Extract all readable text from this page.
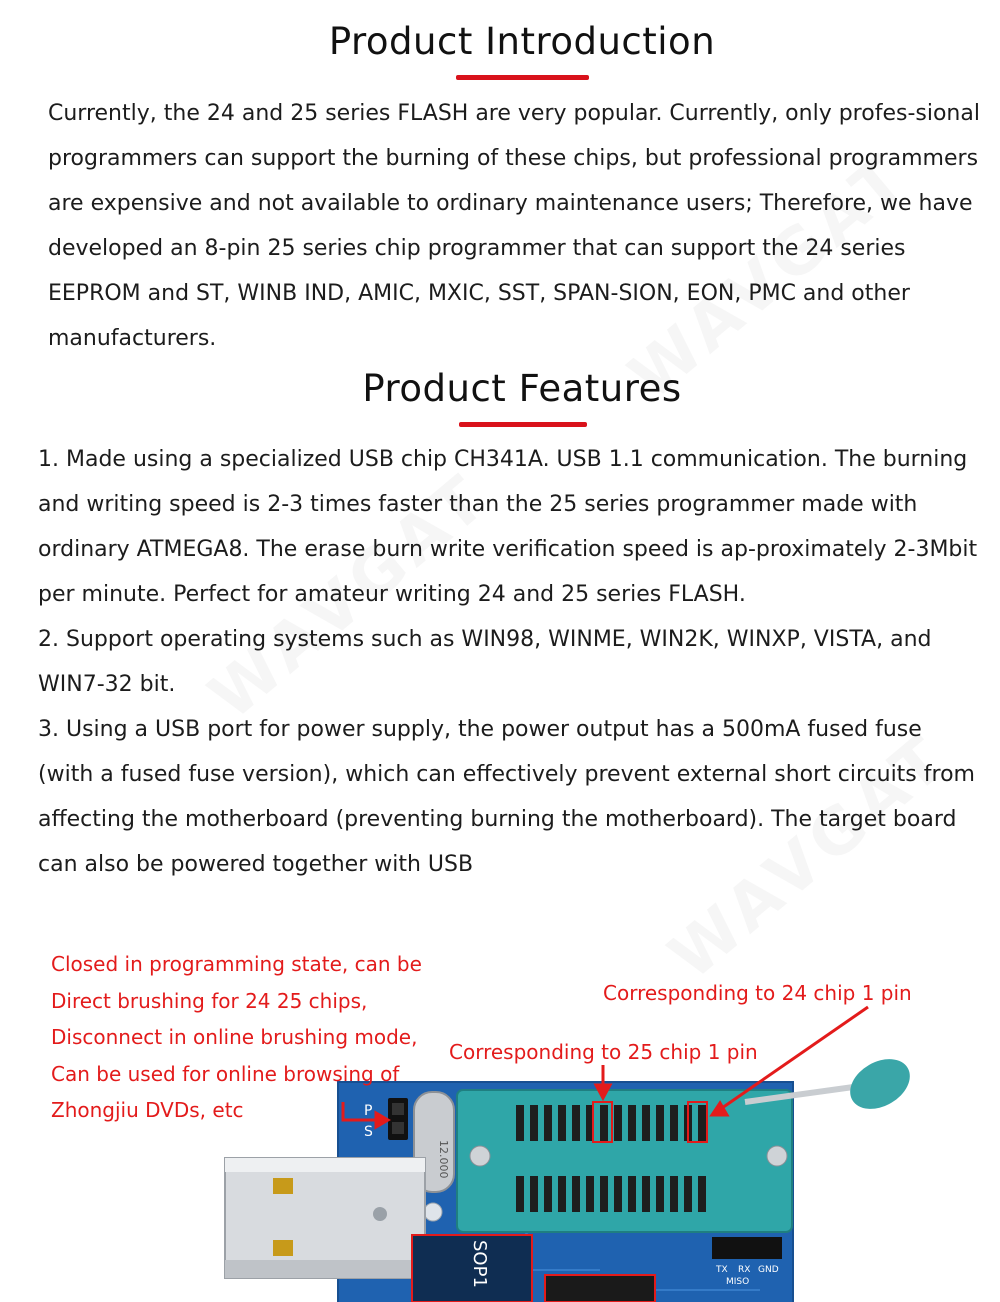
Product Introduction

Currently, the 24 and 25 series FLASH are very popular. Currently, only profes-sional programmers can support the burning of these chips, but professional programmers are expensive and not available to ordinary maintenance users; Therefore, we have developed an 8-pin 25 series chip programmer that can support the 24 series EEPROM and ST, WINB IND, AMIC, MXIC, SST, SPAN-SION, EON, PMC and other manufacturers.

Product Features
1. Made using a specialized USB chip CH341A. USB 1.1 communication. The burning and writing speed is 2-3 times faster than the 25 series programmer made with ordinary ATMEGA8. The erase burn write verification speed is ap-proximately 2-3Mbit per minute. Perfect for amateur writing 24 and 25 series FLASH.
2. Support operating systems such as WIN98, WINME, WIN2K, WINXP, VISTA, and WIN7-32 bit.
3. Using a USB port for power supply, the power output has a 500mA fused fuse (with a fused fuse version), which can effectively prevent external short circuits from affecting the motherboard (preventing burning the motherboard). The target board can also be powered together with USB
P
S
12.000
SOP1	TX RX GND
MISO
Closed in programming state, can be
Direct brushing for 24 25 chips,
Disconnect in online brushing mode,
Can be used for online browsing of
Zhongjiu DVDs, etc

Corresponding to 24 chip 1 pin

Corresponding to 25 chip 1 pin
